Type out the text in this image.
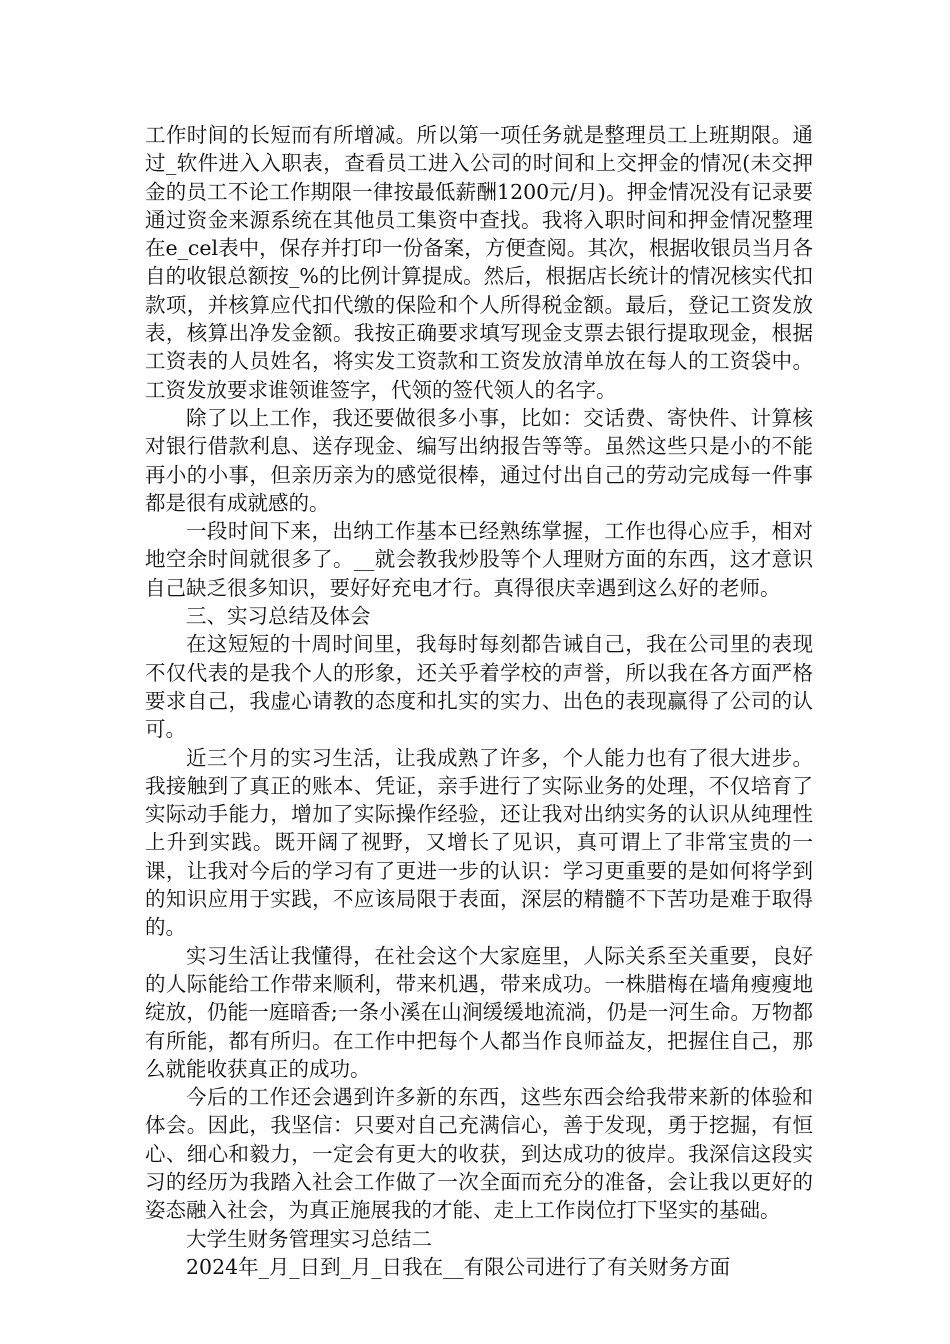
工作时间的长短而有所增减。所以第一项任务就是整理员工上班期限。通过_软件进入入职表，查看员工进入公司的时间和上交押金的情况(未交押金的员工不论工作期限一律按最低薪酬1200元/月)。押金情况没有记录要通过资金来源系统在其他员工集资中查找。我将入职时间和押金情况整理在e_cel表中，保存并打印一份备案，方便查阅。其次，根据收银员当月各自的收银总额按_%的比例计算提成。然后，根据店长统计的情况核实代扣款项，并核算应代扣代缴的保险和个人所得税金额。最后，登记工资发放表，核算出净发金额。我按正确要求填写现金支票去银行提取现金，根据工资表的人员姓名，将实发工资款和工资发放清单放在每人的工资袋中。工资发放要求谁领谁签字，代领的签代领人的名字。

除了以上工作，我还要做很多小事，比如：交话费、寄快件、计算核对银行借款利息、送存现金、编写出纳报告等等。虽然这些只是小的不能再小的小事，但亲历亲为的感觉很棒，通过付出自己的劳动完成每一件事都是很有成就感的。

一段时间下来，出纳工作基本已经熟练掌握，工作也得心应手，相对地空余时间就很多了。__就会教我炒股等个人理财方面的东西，这才意识自己缺乏很多知识，要好好充电才行。真得很庆幸遇到这么好的老师。

三、实习总结及体会

在这短短的十周时间里，我每时每刻都告诫自己，我在公司里的表现不仅代表的是我个人的形象，还关乎着学校的声誉，所以我在各方面严格要求自己，我虚心请教的态度和扎实的实力、出色的表现赢得了公司的认可。

近三个月的实习生活，让我成熟了许多，个人能力也有了很大进步。我接触到了真正的账本、凭证，亲手进行了实际业务的处理，不仅培育了实际动手能力，增加了实际操作经验，还让我对出纳实务的认识从纯理性上升到实践。既开阔了视野，又增长了见识，真可谓上了非常宝贵的一课，让我对今后的学习有了更进一步的认识：学习更重要的是如何将学到的知识应用于实践，不应该局限于表面，深层的精髓不下苦功是难于取得的。

实习生活让我懂得，在社会这个大家庭里，人际关系至关重要，良好的人际能给工作带来顺利，带来机遇，带来成功。一株腊梅在墙角瘦瘦地绽放，仍能一庭暗香;一条小溪在山涧缓缓地流淌，仍是一河生命。万物都有所能，都有所归。在工作中把每个人都当作良师益友，把握住自己，那么就能收获真正的成功。

今后的工作还会遇到许多新的东西，这些东西会给我带来新的体验和体会。因此，我坚信：只要对自己充满信心，善于发现，勇于挖掘，有恒心、细心和毅力，一定会有更大的收获，到达成功的彼岸。我深信这段实习的经历为我踏入社会工作做了一次全面而充分的准备，会让我以更好的姿态融入社会，为真正施展我的才能、走上工作岗位打下坚实的基础。

大学生财务管理实习总结二

2024年_月_日到_月_日我在__有限公司进行了有关财务方面
